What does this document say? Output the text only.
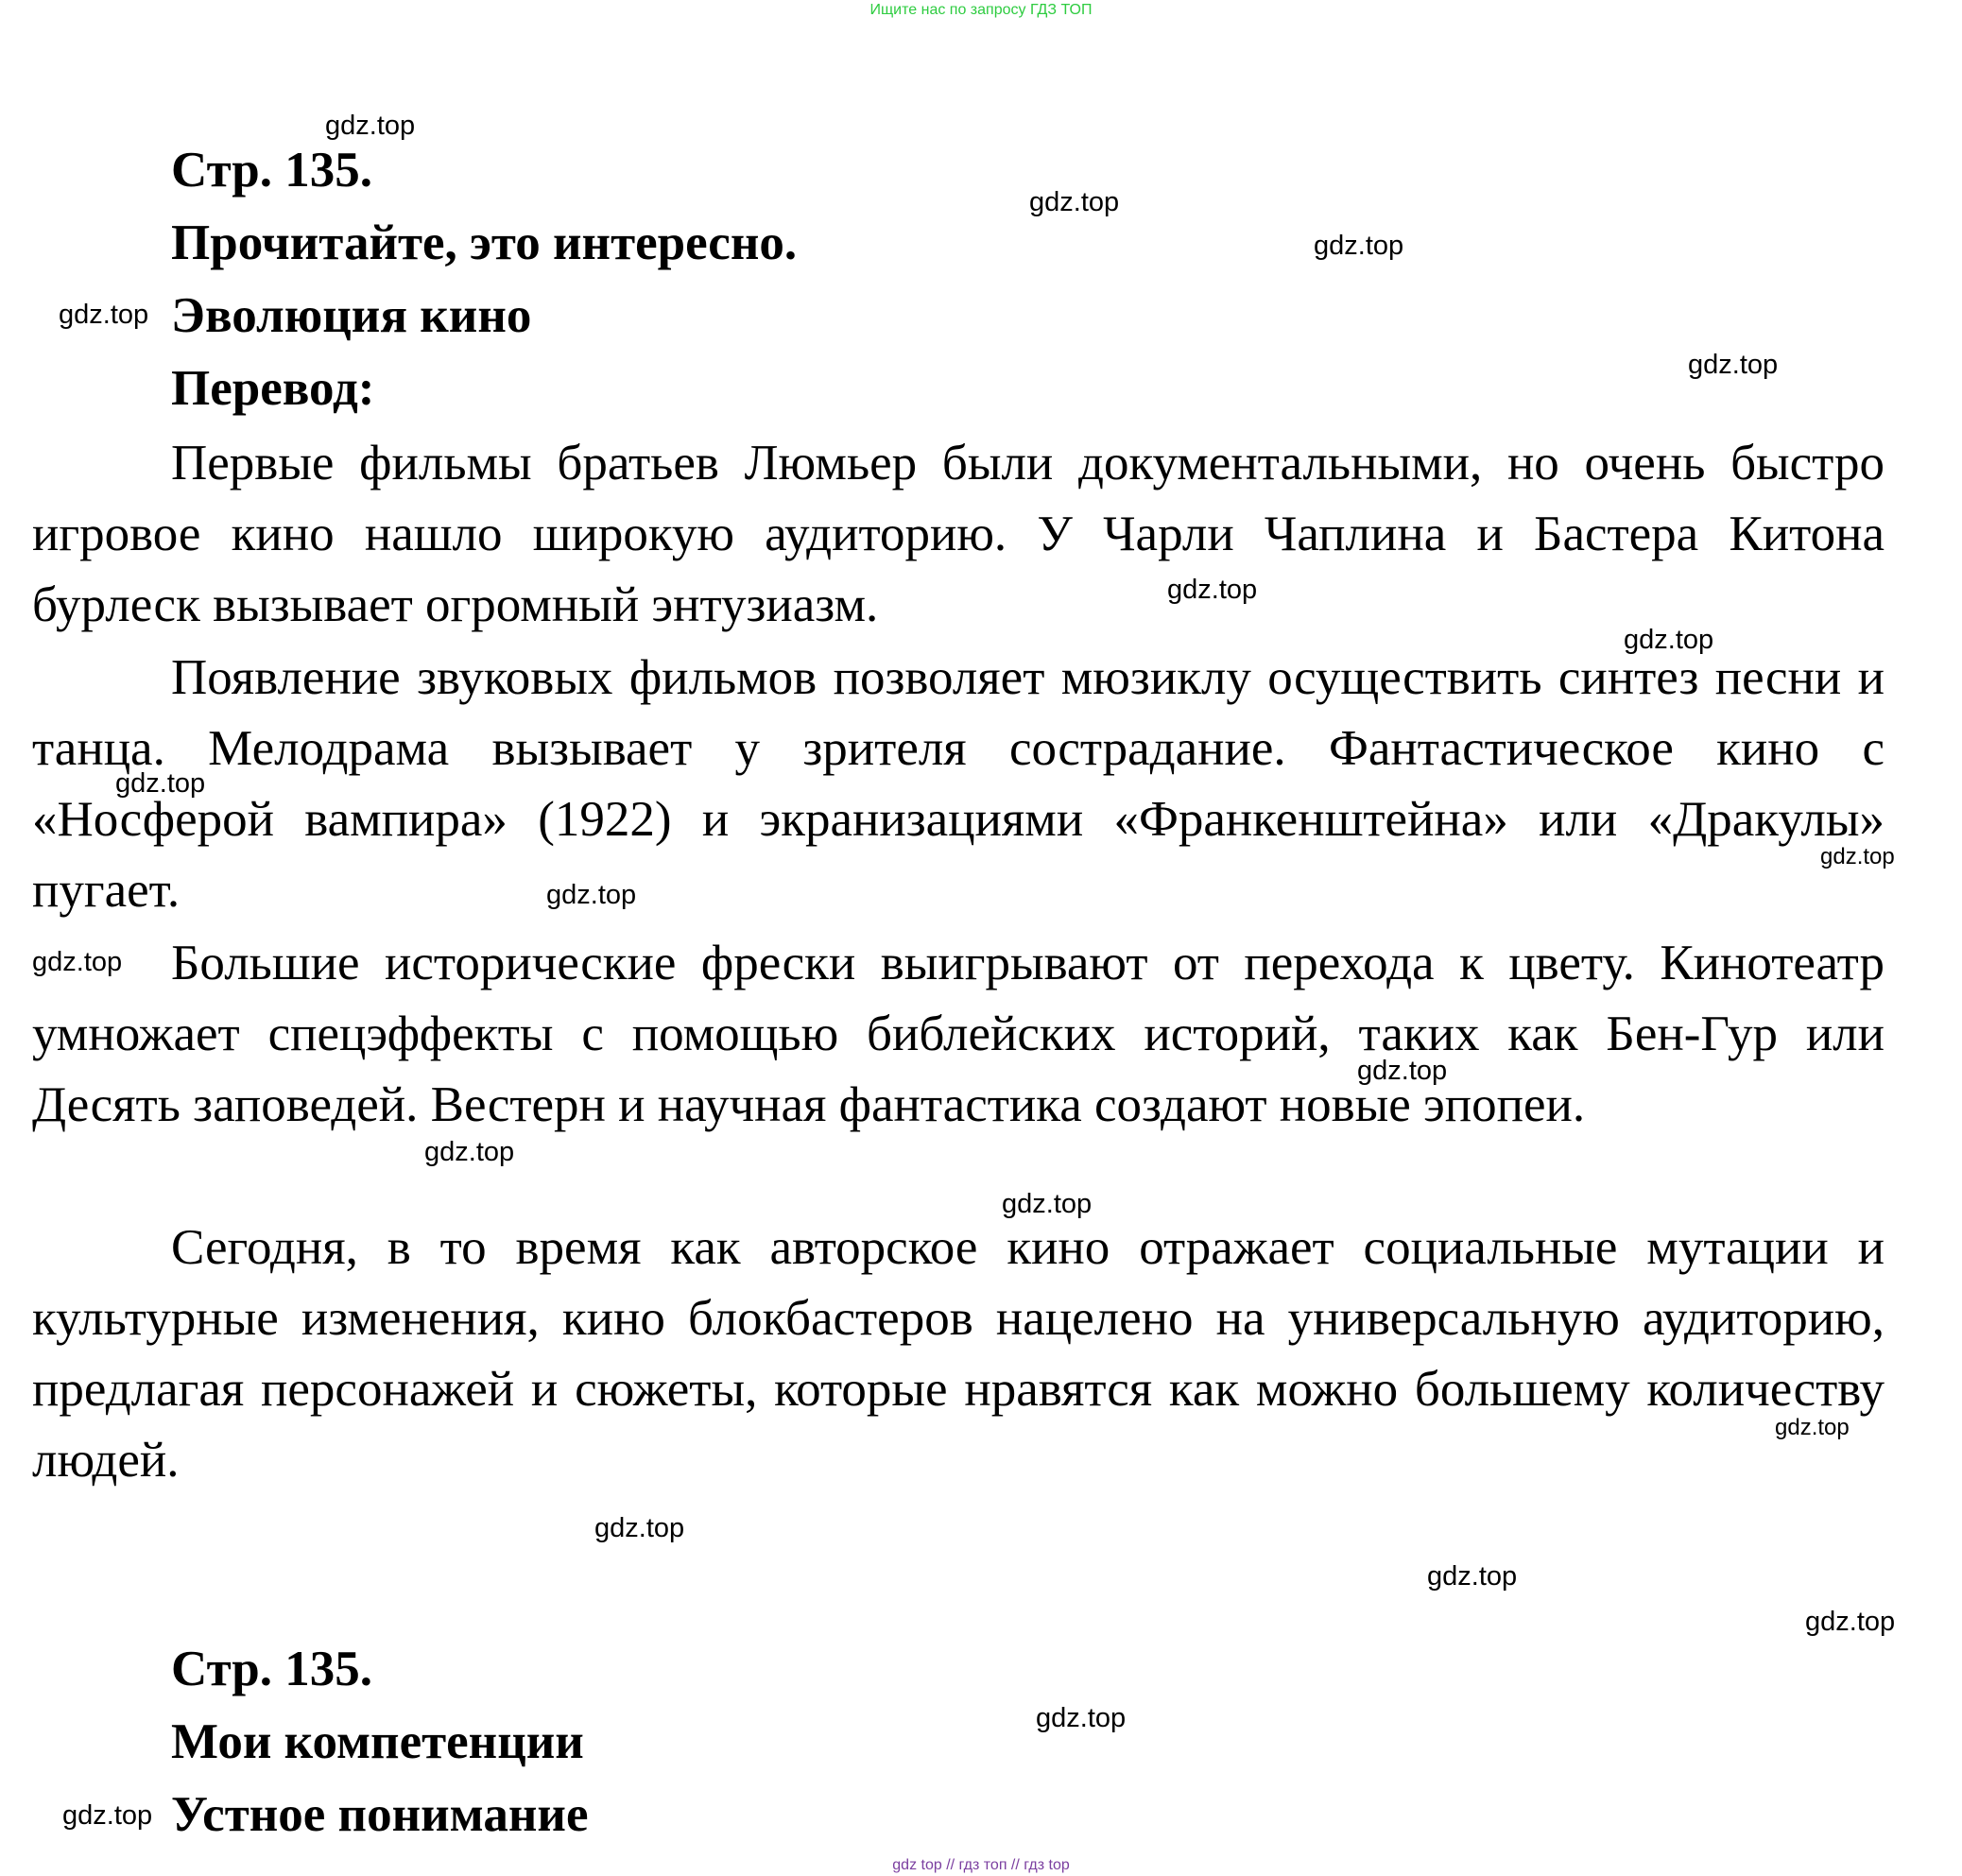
Ищите нас по запросу ГДЗ ТОП
Стр. 135.
Прочитайте, это интересно.
Эволюция кино
Перевод:
Первые фильмы братьев Люмьер были документальными, но очень быстро игровое кино нашло широкую аудиторию. У Чарли Чаплина и Бастера Китона бурлеск вызывает огромный энтузиазм.
Появление звуковых фильмов позволяет мюзиклу осуществить синтез песни и танца. Мелодрама вызывает у зрителя сострадание. Фантастическое кино с «Носферой вампира» (1922) и экранизациями «Франкенштейна» или «Дракулы» пугает.
Большие исторические фрески выигрывают от перехода к цвету. Кинотеатр умножает спецэффекты с помощью библейских историй, таких как Бен-Гур или Десять заповедей. Вестерн и научная фантастика создают новые эпопеи.
Сегодня, в то время как авторское кино отражает социальные мутации и культурные изменения, кино блокбастеров нацелено на универсальную аудиторию, предлагая персонажей и сюжеты, которые нравятся как можно большему количеству людей.
Стр. 135.
Мои компетенции
Устное понимание
gdz.top
gdz.top
gdz.top
gdz.top
gdz.top
gdz.top
gdz.top
gdz.top
gdz.top
gdz.top
gdz.top
gdz.top
gdz.top
gdz.top
gdz.top
gdz.top
gdz.top
gdz.top
gdz.top
gdz.top
gdz top // гдз топ // гдз top
